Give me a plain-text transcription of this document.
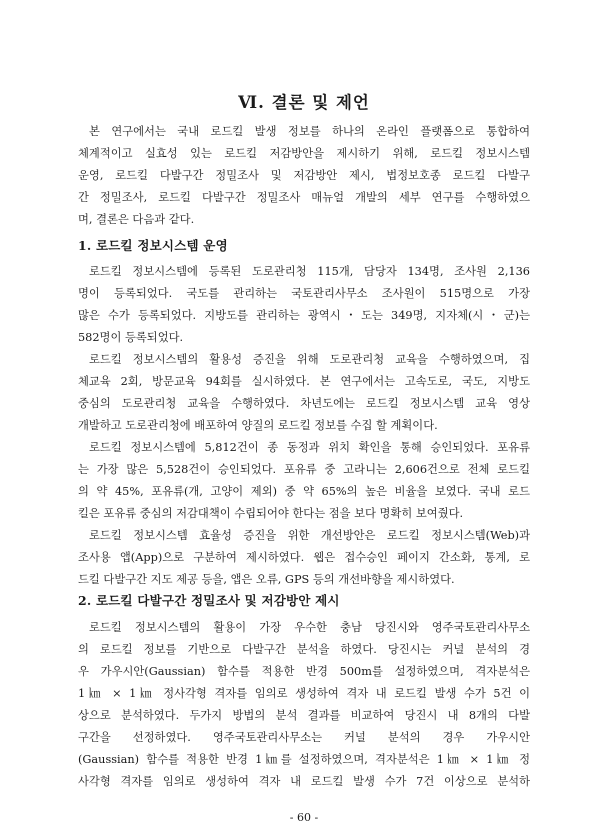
Ⅵ. 결론 및 제언

본 연구에서는 국내 로드킬 발생 정보를 하나의 온라인 플랫폼으로 통합하여
체계적이고 실효성 있는 로드킬 저감방안을 제시하기 위해, 로드킬 정보시스템
운영, 로드킬 다발구간 정밀조사 및 저감방안 제시, 법정보호종 로드킬 다발구
간 정밀조사, 로드킬 다발구간 정밀조사 매뉴얼 개발의 세부 연구를 수행하였으
며, 결론은 다음과 같다.

1. 로드킬 정보시스템 운영

로드킬 정보시스템에 등록된 도로관리청 115개, 담당자 134명, 조사원 2,136
명이 등록되었다. 국도를 관리하는 국토관리사무소 조사원이 515명으로 가장
많은 수가 등록되었다. 지방도를 관리하는 광역시・도는 349명, 지자체(시・군)는
582명이 등록되었다.

로드킬 정보시스템의 활용성 증진을 위해 도로관리청 교육을 수행하였으며, 집
체교육 2회, 방문교육 94회를 실시하였다. 본 연구에서는 고속도로, 국도, 지방도
중심의 도로관리청 교육을 수행하였다. 차년도에는 로드킬 정보시스템 교육 영상
개발하고 도로관리청에 배포하여 양질의 로드킬 정보를 수집 할 계획이다.

로드킬 정보시스템에 5,812건이 종 동정과 위치 확인을 통해 승인되었다. 포유류
는 가장 많은 5,528건이 승인되었다. 포유류 중 고라니는 2,606건으로 전체 로드킬
의 약 45%, 포유류(개, 고양이 제외) 중 약 65%의 높은 비율을 보였다. 국내 로드
킬은 포유류 중심의 저감대책이 수립되어야 한다는 점을 보다 명확히 보여줬다.

로드킬 정보시스템 효율성 증진을 위한 개선방안은 로드킬 정보시스템(Web)과
조사용 앱(App)으로 구분하여 제시하였다. 웹은 접수승인 페이지 간소화, 통계, 로
드킬 다발구간 지도 제공 등을, 앱은 오류, GPS 등의 개선바향을 제시하였다.

2. 로드킬 다발구간 정밀조사 및 저감방안 제시

로드킬 정보시스템의 활용이 가장 우수한 충남 당진시와 영주국토관리사무소
의 로드킬 정보를 기반으로 다발구간 분석을 하였다. 당진시는 커널 분석의 경
우 가우시안(Gaussian) 함수를 적용한 반경 500m를 설정하였으며, 격자분석은
1㎞ × 1㎞ 정사각형 격자를 임의로 생성하여 격자 내 로드킬 발생 수가 5건 이
상으로 분석하였다. 두가지 방법의 분석 결과를 비교하여 당진시 내 8개의 다발
구간을 선정하였다. 영주국토관리사무소는 커널 분석의 경우 가우시안
(Gaussian) 함수를 적용한 반경 1㎞를 설정하였으며, 격자분석은 1㎞ × 1㎞ 정
사각형 격자를 임의로 생성하여 격자 내 로드킬 발생 수가 7건 이상으로 분석하

- 60 -
